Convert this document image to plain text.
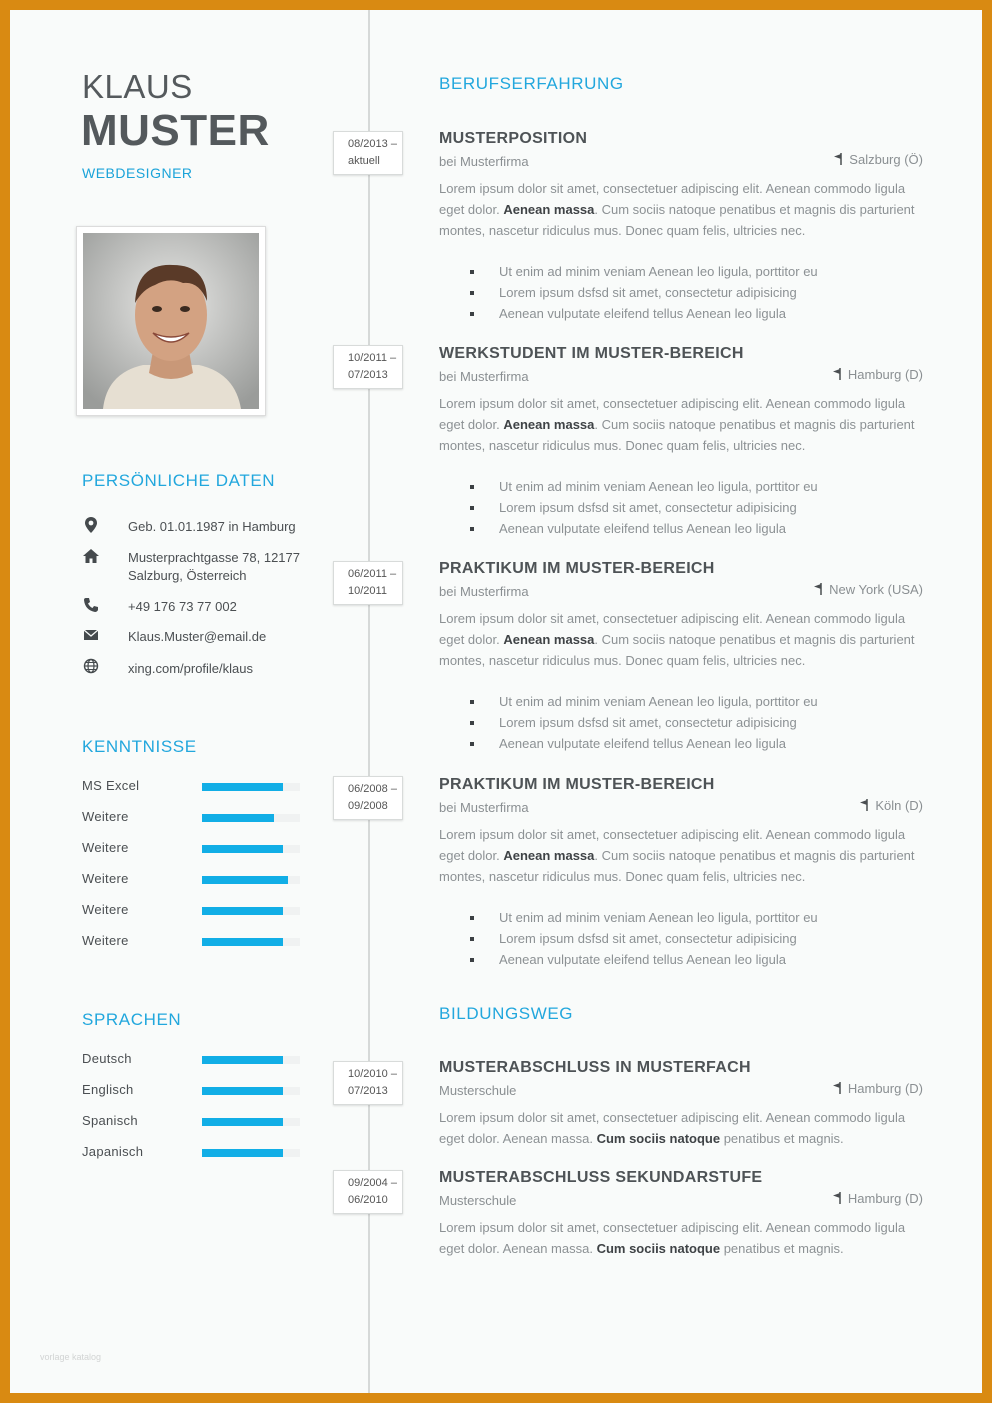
KLAUS
MUSTER
WEBDESIGNER
PERSÖNLICHE DATEN
Geb. 01.01.1987 in Hamburg
Musterprachtgasse 78, 12177
Salzburg, Österreich
+49 176 73 77 002
Klaus.Muster@email.de
xing.com/profile/klaus
KENNTNISSE
MS Excel
Weitere
Weitere
Weitere
Weitere
Weitere
SPRACHEN
Deutsch
Englisch
Spanisch
Japanisch
08/2013 –
aktuell
10/2011 –
07/2013
06/2011 –
10/2011
06/2008 –
09/2008
10/2010 –
07/2013
09/2004 –
06/2010
BERUFSERFAHRUNG
MUSTERPOSITION
bei Musterfirma	Salzburg (Ö)
Lorem ipsum dolor sit amet, consectetuer adipiscing elit. Aenean commodo ligula eget dolor. Aenean massa. Cum sociis natoque penatibus et magnis dis parturient montes, nascetur ridiculus mus. Donec quam felis, ultricies nec.
Ut enim ad minim veniam Aenean leo ligula, porttitor eu
Lorem ipsum dsfsd sit amet, consectetur adipisicing
Aenean vulputate eleifend tellus Aenean leo ligula
WERKSTUDENT IM MUSTER-BEREICH
bei Musterfirma	Hamburg (D)
Lorem ipsum dolor sit amet, consectetuer adipiscing elit. Aenean commodo ligula eget dolor. Aenean massa. Cum sociis natoque penatibus et magnis dis parturient montes, nascetur ridiculus mus. Donec quam felis, ultricies nec.
Ut enim ad minim veniam Aenean leo ligula, porttitor eu
Lorem ipsum dsfsd sit amet, consectetur adipisicing
Aenean vulputate eleifend tellus Aenean leo ligula
PRAKTIKUM IM MUSTER-BEREICH
bei Musterfirma	New York (USA)
Lorem ipsum dolor sit amet, consectetuer adipiscing elit. Aenean commodo ligula eget dolor. Aenean massa. Cum sociis natoque penatibus et magnis dis parturient montes, nascetur ridiculus mus. Donec quam felis, ultricies nec.
Ut enim ad minim veniam Aenean leo ligula, porttitor eu
Lorem ipsum dsfsd sit amet, consectetur adipisicing
Aenean vulputate eleifend tellus Aenean leo ligula
PRAKTIKUM IM MUSTER-BEREICH
bei Musterfirma	Köln (D)
Lorem ipsum dolor sit amet, consectetuer adipiscing elit. Aenean commodo ligula eget dolor. Aenean massa. Cum sociis natoque penatibus et magnis dis parturient montes, nascetur ridiculus mus. Donec quam felis, ultricies nec.
Ut enim ad minim veniam Aenean leo ligula, porttitor eu
Lorem ipsum dsfsd sit amet, consectetur adipisicing
Aenean vulputate eleifend tellus Aenean leo ligula
BILDUNGSWEG
MUSTERABSCHLUSS IN MUSTERFACH
Musterschule	Hamburg (D)
Lorem ipsum dolor sit amet, consectetuer adipiscing elit. Aenean commodo ligula eget dolor. Aenean massa. Cum sociis natoque penatibus et magnis.
MUSTERABSCHLUSS SEKUNDARSTUFE
Musterschule	Hamburg (D)
Lorem ipsum dolor sit amet, consectetuer adipiscing elit. Aenean commodo ligula eget dolor. Aenean massa. Cum sociis natoque penatibus et magnis.
vorlage katalog
